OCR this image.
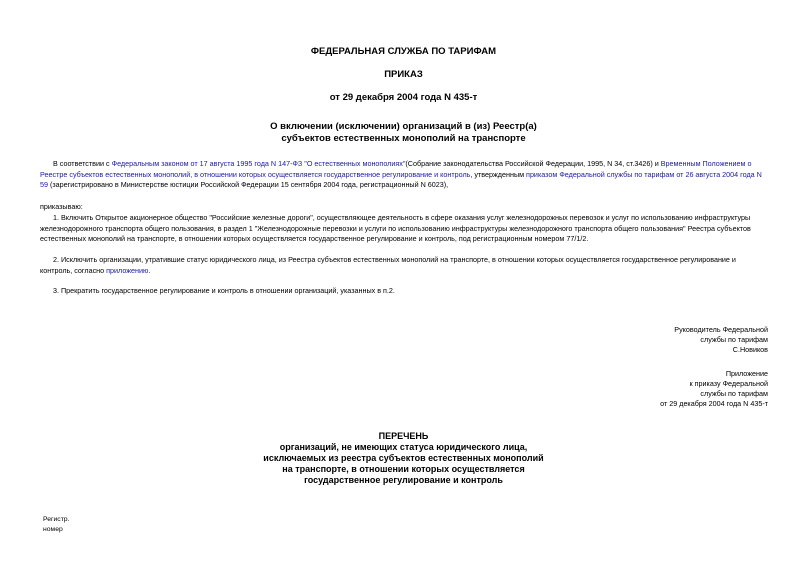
ФЕДЕРАЛЬНАЯ СЛУЖБА ПО ТАРИФАМ
ПРИКАЗ
от 29 декабря 2004 года N 435-т
О включении (исключении) организаций в (из) Реестр(а)
субъектов естественных монополий на транспорте
В соответствии с Федеральным законом от 17 августа 1995 года N 147-ФЗ "О естественных монополиях"(Собрание законодательства Российской Федерации, 1995, N 34, ст.3426) и Временным Положением о Реестре субъектов естественных монополий, в отношении которых осуществляется государственное регулирование и контроль, утвержденным приказом Федеральной службы по тарифам от 26 августа 2004 года N 59 (зарегистрировано в Министерстве юстиции Российской Федерации 15 сентября 2004 года, регистрационный N 6023),
приказываю:
1. Включить Открытое акционерное общество "Российские железные дороги", осуществляющее деятельность в сфере оказания услуг железнодорожных перевозок и услуг по использованию инфраструктуры железнодорожного транспорта общего пользования, в раздел 1 "Железнодорожные перевозки и услуги по использованию инфраструктуры железнодорожного транспорта общего пользования" Реестра субъектов естественных монополий на транспорте, в отношении которых осуществляется государственное регулирование и контроль, под регистрационным номером 77/1/2.
2. Исключить организации, утратившие статус юридического лица, из Реестра субъектов естественных монополий на транспорте, в отношении которых осуществляется государственное регулирование и контроль, согласно приложению.
3. Прекратить государственное регулирование и контроль в отношении организаций, указанных в п.2.
Руководитель Федеральной
службы по тарифам
С.Новиков
Приложение
к приказу Федеральной
службы по тарифам
от 29 декабря 2004 года N 435-т
ПЕРЕЧЕНЬ
организаций, не имеющих статуса юридического лица,
исключаемых из реестра субъектов естественных монополий
на транспорте, в отношении которых осуществляется
государственное регулирование и контроль
Регистр.
номер
